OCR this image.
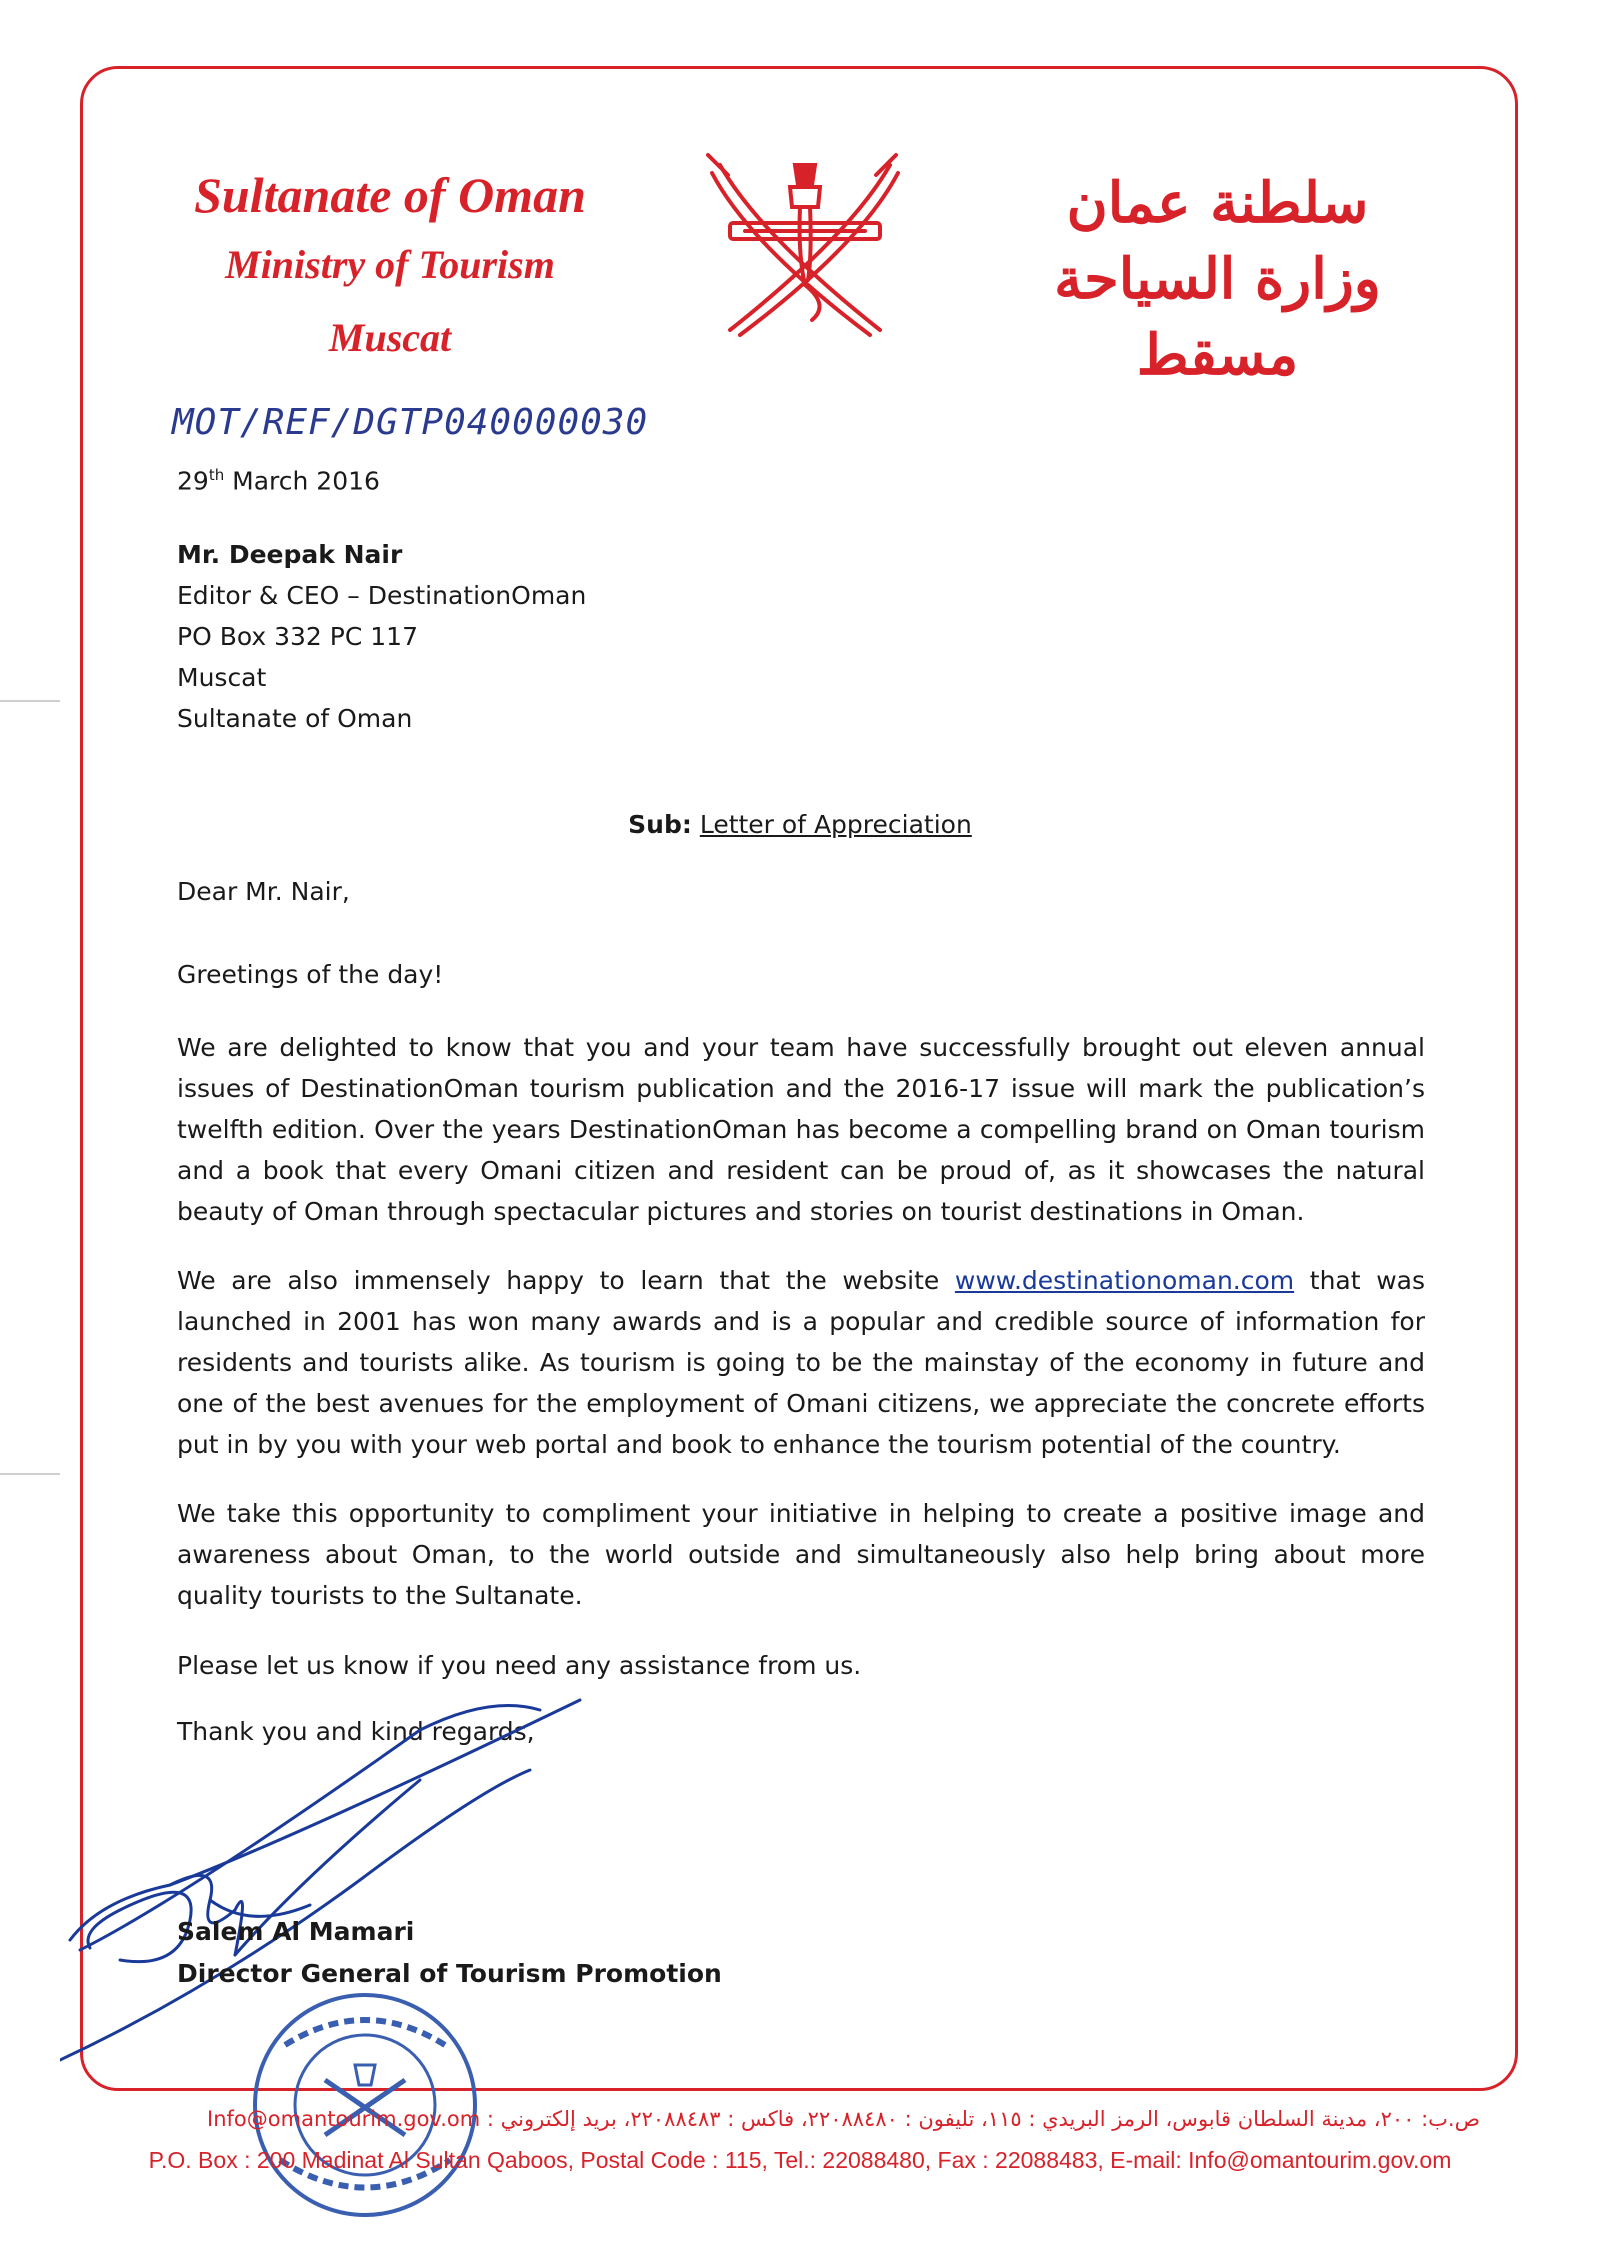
Sultanate of Oman
Ministry of Tourism
Muscat
سلطنة عمان
وزارة السياحة
مسقط
MOT/REF/DGTP040000030
29th March 2016
Mr. Deepak Nair
Editor & CEO – DestinationOman
PO Box 332 PC 117
Muscat
Sultanate of Oman
Sub: Letter of Appreciation
Dear Mr. Nair,
Greetings of the day!
We are delighted to know that you and your team have successfully brought out eleven annual issues of DestinationOman tourism publication and the 2016-17 issue will mark the publication’s twelfth edition. Over the years DestinationOman has become a compelling brand on Oman tourism and a book that every Omani citizen and resident can be proud of, as it showcases the natural beauty of Oman through spectacular pictures and stories on tourist destinations in Oman.
We are also immensely happy to learn that the website www.destinationoman.com that was launched in 2001 has won many awards and is a popular and credible source of information for residents and tourists alike. As tourism is going to be the mainstay of the economy in future and one of the best avenues for the employment of Omani citizens, we appreciate the concrete efforts put in by you with your web portal and book to enhance the tourism potential of the country.
We take this opportunity to compliment your initiative in helping to create a positive image and awareness about Oman, to the world outside and simultaneously also help bring about more quality tourists to the Sultanate.
Please let us know if you need any assistance from us.
Thank you and kind regards,
Salem Al Mamari
Director General of Tourism Promotion
ص.ب: ٢٠٠، مدينة السلطان قابوس، الرمز البريدي : ١١٥، تليفون : ٢٢٠٨٨٤٨٠، فاكس : ٢٢٠٨٨٤٨٣، بريد إلكتروني : Info@omantourim.gov.om
P.O. Box : 200 Madinat Al Sultan Qaboos, Postal Code : 115, Tel.: 22088480, Fax : 22088483, E-mail: Info@omantourim.gov.om
